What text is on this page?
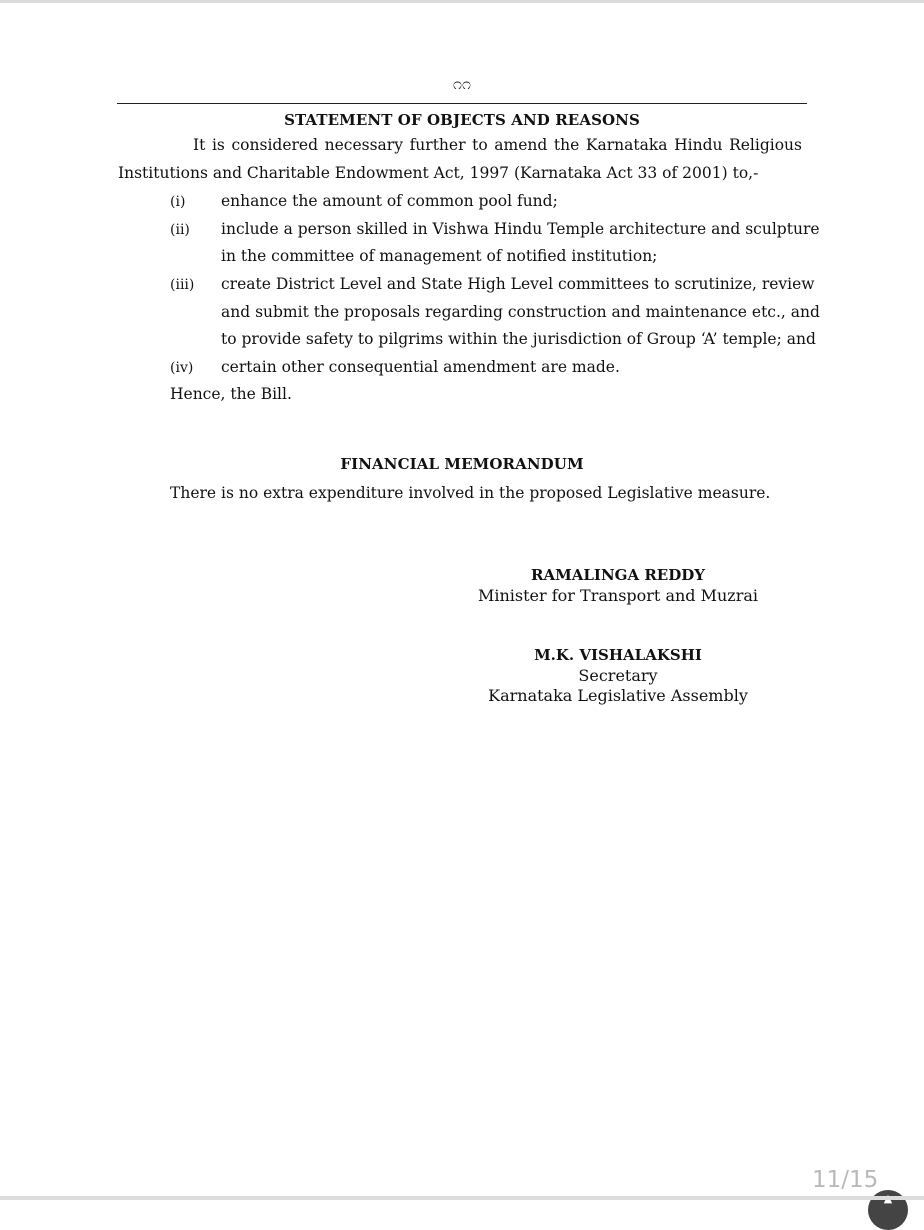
೧೧
STATEMENT OF OBJECTS AND REASONS
It is considered necessary further to amend the Karnataka Hindu Religious
Institutions and Charitable Endowment Act, 1997 (Karnataka Act 33 of 2001) to,-
(i) enhance the amount of common pool fund;
(ii) include a person skilled in Vishwa Hindu Temple architecture and sculpture
in the committee of management of notified institution;
(iii) create District Level and State High Level committees to scrutinize, review
and submit the proposals regarding construction and maintenance etc., and
to provide safety to pilgrims within the jurisdiction of Group ‘A’ temple; and
(iv) certain other consequential amendment are made.
Hence, the Bill.
FINANCIAL MEMORANDUM
There is no extra expenditure involved in the proposed Legislative measure.
RAMALINGA REDDY
Minister for Transport and Muzrai
M.K. VISHALAKSHI
Secretary
Karnataka Legislative Assembly
11/15
